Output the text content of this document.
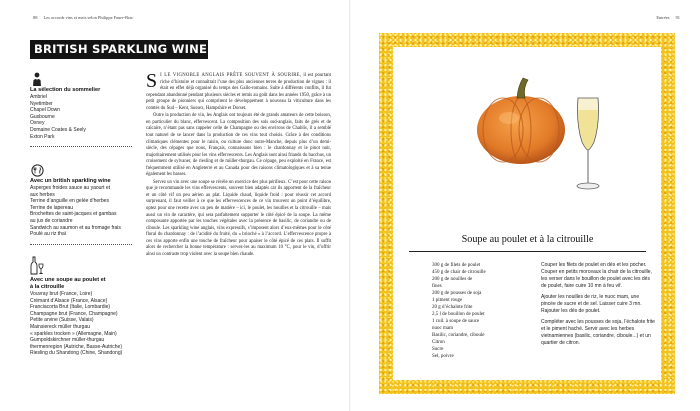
88 Les accords vins et mets selon Philippe Faure-Brac	Entrées 91
BRITISH SPARKLING WINE
La sélection du sommelier
Ambriel
Nyetimber
Chapel Down
Gusbourne
Oxney
Domaine Coates & Seely
Exton Park
Avec un british sparkling wine
Asperges froides sauce au yaourt et
aux herbes
Terrine d’anguille en gelée d’herbes
Terrine de lapereau
Brochettes de saint-jacques et gambas
au jus de coriandre
Sandwich au saumon et au fromage frais
Poulé au riz thaï
Avec une soupe au poulet et
à la citrouille
Vouvray brut (France, Loire)
Crémant d’Alsace (France, Alsace)
Franciacorta Brut (Italie, Lombardie)
Champagne brut (France, Champagne)
Petite arvine (Suisse, Valais)
Mainsiereck müller thurgau
« sparkles trocken » (Allemagne, Main)
Gumpoldskirchner müller-thurgau
thermenregion (Autriche, Basse-Autriche)
Riesling du Shandong (Chine, Shandong)

S I LE VIGNOBLE ANGLAIS PRÊTE SOUVENT À SOURIRE, il est pourtant riche d’histoire et connaîtrait l’une des plus anciennes terres de production de vignes : il était en effet déjà organisé du temps des Gallo-romains. Suite à différents conflits, il fut cependant abandonné pendant plusieurs siècles et remis au goût dans les années 1950, grâce à un petit groupe de pionniers qui comprirent le développement à nouveau la viticulture dans les comtés du Sud – Kent, Sussex, Hampshire et Dorset.

Outre la production de vin, les Anglais ont toujours été de grands amateurs de cette boisson, en particulier du blanc, effervescent. La composition des sols sud-anglais, faits de grès et de calcaire, n’étant pas sans rappeler celle de Champagne ou des environs de Chablis, il a semblé tout naturel de se lancer dans la production de ces vins tout choisis. Grâce à des conditions climatiques clémentes pour le raisin, ou culture donc outre-Manche, depuis plus d’un demi-siècle, des cépages que nous, Français, connaissons bien : le chardonnay et le pinot noir, majoritairement utilisés pour les vins effervescents. Les Anglais sont ainsi friands du bacchus, un croisement de sylvaner, de riesling et de müller-thurgau. Ce cépage, peu exploité en France, est fréquemment utilisé en Angleterre et au Canada pour des raisons climatologiques et à sa tenue également les basses.

Servez un vin avec une soupe se révèle un exercice des plus périlleux. C’est pour cette raison que je recommande les vins effervescents, souvent bien adaptés car ils apportent de la fraîcheur et un côté vif un peu aérien au plat. Liquide chaud, liquide froid : pour réussir cet accord surprenant, il faut veiller à ce que les effervescences de ce vin trouvent un point d’équilibre, optez pour une recette avec un peu de matière – ici, le poulet, les nouilles et la citrouille – mais aussi un vin de caractère, qui sera parfaitement supporter le côté épicé de la soupe. La même composante apportée par les touches végétales avec la présence de basilic, de coriandre ou de ciboule. Les sparkling wine anglais, vins expressifs, s’imposent alors d’eux-mêmes pour le côté floral du chardonnay : de l’acidité du fruité, du « brioché » à l’accord. L’effervescence propre à ces vins apporte enfin une touche de fraîcheur pour apaiser le côté épicé de ces plats. Il suffit alors de rechercher la bonne température : servez-les au maximum 10 °C, pour le vin, d’offrir ainsi un contraste trop violent avec la soupe bien chaude.

Soupe au poulet et à la citrouille
300 g de filets de poulet
450 g de chair de citrouille
200 g de nouilles de
fines
200 g de pousses de soja
1 piment rouge
20 g d’échalote frite
2,5 l de bouillon de poulet
1 cuil. à soupe de sauce
nuoc mam
Basilic, coriandre, ciboule
Citron
Sucre
Sel, poivre

Couper les filets de poulet en dés et les pocher. Couper en petits morceaux la chair de la citrouille, les verser dans le bouillon de poulet avec les dés de poulet, faire cuire 10 mn à feu vif.

Ajouter les nouilles de riz, le nuoc mam, une pincée de sucre et de sel. Laisser cuire 3 mn. Rajouter les dés de poulet.

Compléter avec les pousses de soja, l’échalote frite et le piment haché. Servir avec les herbes vietnamiennes (basilic, coriandre, ciboule...) et un quartier de citron.
